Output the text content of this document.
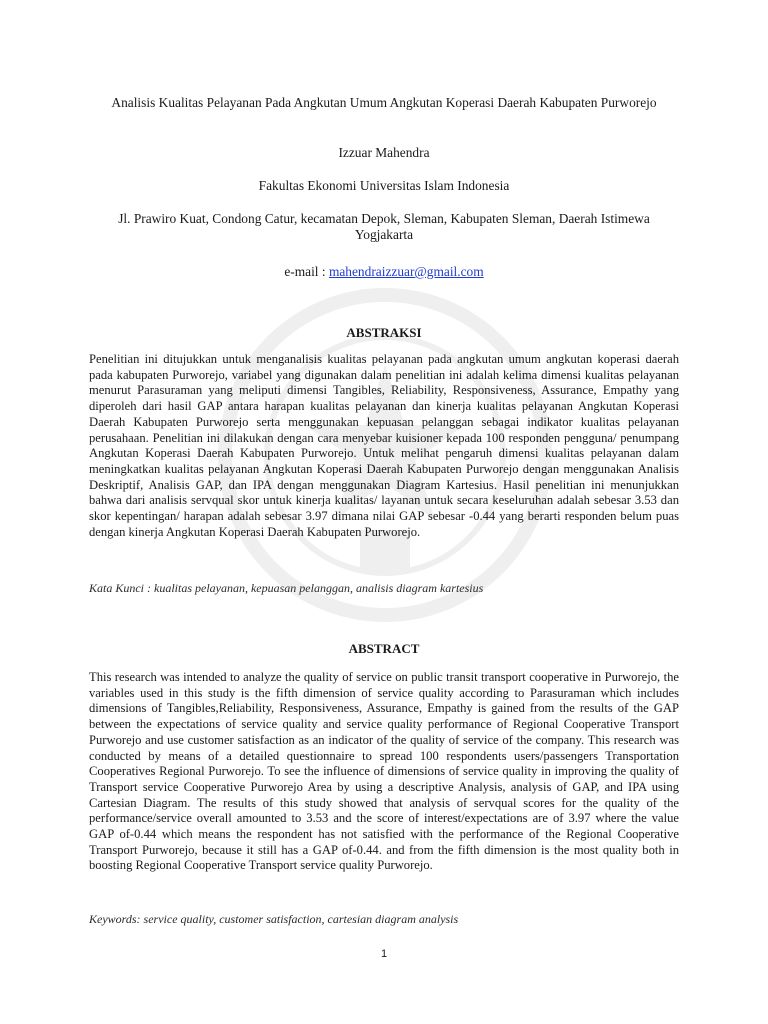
Analisis Kualitas Pelayanan Pada Angkutan Umum Angkutan Koperasi Daerah Kabupaten Purworejo

Izzuar Mahendra

Fakultas Ekonomi Universitas Islam Indonesia

Jl. Prawiro Kuat, Condong Catur, kecamatan Depok, Sleman, Kabupaten Sleman, Daerah Istimewa Yogjakarta

e-mail : mahendraizzuar@gmail.com

ABSTRAKSI

Penelitian ini ditujukkan untuk menganalisis kualitas pelayanan pada angkutan umum angkutan koperasi daerah pada kabupaten Purworejo, variabel yang digunakan dalam penelitian ini adalah kelima dimensi kualitas pelayanan menurut Parasuraman yang meliputi dimensi Tangibles, Reliability, Responsiveness, Assurance, Empathy yang diperoleh dari hasil GAP antara harapan kualitas pelayanan dan kinerja kualitas pelayanan Angkutan Koperasi Daerah Kabupaten Purworejo serta menggunakan kepuasan pelanggan sebagai indikator kualitas pelayanan perusahaan. Penelitian ini dilakukan dengan cara menyebar kuisioner kepada 100 responden pengguna/ penumpang Angkutan Koperasi Daerah Kabupaten Purworejo. Untuk melihat pengaruh dimensi kualitas pelayanan dalam meningkatkan kualitas pelayanan Angkutan Koperasi Daerah Kabupaten Purworejo dengan menggunakan Analisis Deskriptif, Analisis GAP, dan IPA dengan menggunakan Diagram Kartesius. Hasil penelitian ini menunjukkan bahwa dari analisis servqual skor untuk kinerja kualitas/ layanan untuk secara keseluruhan adalah sebesar 3.53 dan skor kepentingan/ harapan adalah sebesar 3.97 dimana nilai GAP sebesar -0.44 yang berarti responden belum puas dengan kinerja Angkutan Koperasi Daerah Kabupaten Purworejo.

Kata Kunci : kualitas pelayanan, kepuasan pelanggan, analisis diagram kartesius

ABSTRACT

This research was intended to analyze the quality of service on public transit transport cooperative in Purworejo, the variables used in this study is the fifth dimension of service quality according to Parasuraman which includes dimensions of Tangibles,Reliability, Responsiveness, Assurance, Empathy is gained from the results of the GAP between the expectations of service quality and service quality performance of Regional Cooperative Transport Purworejo and use customer satisfaction as an indicator of the quality of service of the company. This research was conducted by means of a detailed questionnaire to spread 100 respondents users/passengers Transportation Cooperatives Regional Purworejo. To see the influence of dimensions of service quality in improving the quality of Transport service Cooperative Purworejo Area by using a descriptive Analysis, analysis of GAP, and IPA using Cartesian Diagram. The results of this study showed that analysis of servqual scores for the quality of the performance/service overall amounted to 3.53 and the score of interest/expectations are of 3.97 where the value GAP of-0.44 which means the respondent has not satisfied with the performance of the Regional Cooperative Transport Purworejo, because it still has a GAP of-0.44. and from the fifth dimension is the most quality both in boosting Regional Cooperative Transport service quality Purworejo.

Keywords: service quality, customer satisfaction, cartesian diagram analysis

1
